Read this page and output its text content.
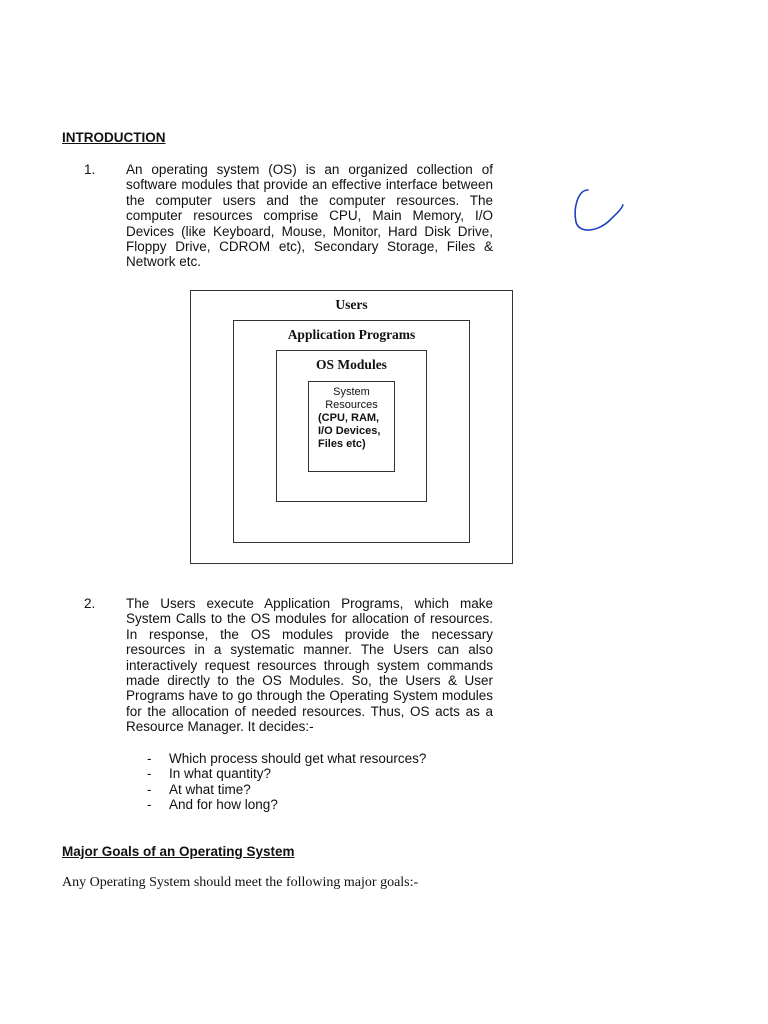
INTRODUCTION
1. An operating system (OS) is an organized collection of software modules that provide an effective interface between the computer users and the computer resources. The computer resources comprise CPU, Main Memory, I/O Devices (like Keyboard, Mouse, Monitor, Hard Disk Drive, Floppy Drive, CDROM etc), Secondary Storage, Files & Network etc.
Users
Application Programs
OS Modules
System
Resources
(CPU, RAM,
I/O Devices,
Files etc)
2. The Users execute Application Programs, which make System Calls to the OS modules for allocation of resources. In response, the OS modules provide the necessary resources in a systematic manner. The Users can also interactively request resources through system commands made directly to the OS Modules. So, the Users & User Programs have to go through the Operating System modules for the allocation of needed resources. Thus, OS acts as a Resource Manager. It decides:-
- Which process should get what resources?
- In what quantity?
- At what time?
- And for how long?
Major Goals of an Operating System
Any Operating System should meet the following major goals:-
